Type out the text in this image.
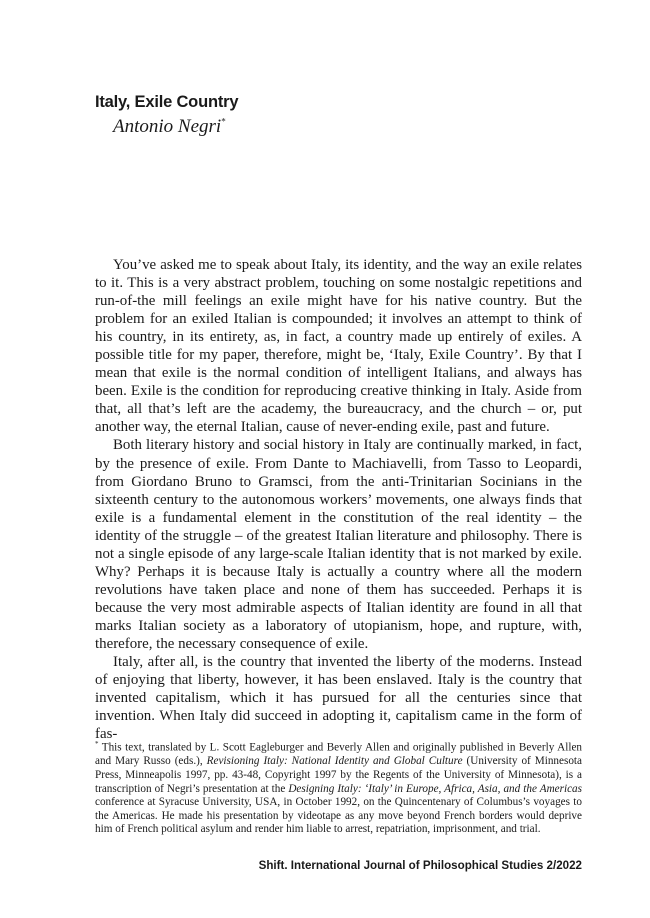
Italy, Exile Country
Antonio Negri*

You’ve asked me to speak about Italy, its identity, and the way an exile relates to it. This is a very abstract problem, touching on some nostalgic repetitions and run-of-the mill feelings an exile might have for his native country. But the problem for an exiled Italian is compounded; it involves an attempt to think of his country, in its entirety, as, in fact, a country made up entirely of exiles. A possible title for my paper, therefore, might be, ‘Italy, Exile Country’. By that I mean that exile is the normal condition of intelligent Italians, and always has been. Exile is the condition for reproducing creative thinking in Italy. Aside from that, all that’s left are the academy, the bureaucracy, and the church – or, put another way, the eternal Italian, cause of never-ending exile, past and future.

Both literary history and social history in Italy are continually marked, in fact, by the presence of exile. From Dante to Machiavelli, from Tasso to Leopardi, from Giordano Bruno to Gramsci, from the anti-Trinitarian Socinians in the sixteenth century to the autonomous workers’ movements, one always finds that exile is a fundamental element in the constitution of the real identity – the identity of the struggle – of the greatest Italian literature and philosophy. There is not a single episode of any large-scale Italian identity that is not marked by exile. Why? Perhaps it is because Italy is actually a country where all the modern revolutions have taken place and none of them has succeeded. Perhaps it is because the very most admirable aspects of Italian identity are found in all that marks Italian society as a laboratory of utopianism, hope, and rupture, with, therefore, the necessary consequence of exile.

Italy, after all, is the country that invented the liberty of the moderns. Instead of enjoying that liberty, however, it has been enslaved. Italy is the country that invented capitalism, which it has pursued for all the centuries since that invention. When Italy did succeed in adopting it, capitalism came in the form of fas-

* This text, translated by L. Scott Eagleburger and Beverly Allen and originally published in Beverly Allen and Mary Russo (eds.), Revisioning Italy: National Identity and Global Culture (University of Minnesota Press, Minneapolis 1997, pp. 43-48, Copyright 1997 by the Regents of the University of Minnesota), is a transcription of Negri’s presentation at the Designing Italy: ‘Italy’ in Europe, Africa, Asia, and the Americas conference at Syracuse University, USA, in October 1992, on the Quincentenary of Columbus’s voyages to the Americas. He made his presentation by videotape as any move beyond French borders would deprive him of French political asylum and render him liable to arrest, repatriation, imprisonment, and trial.
Shift. International Journal of Philosophical Studies 2/2022
